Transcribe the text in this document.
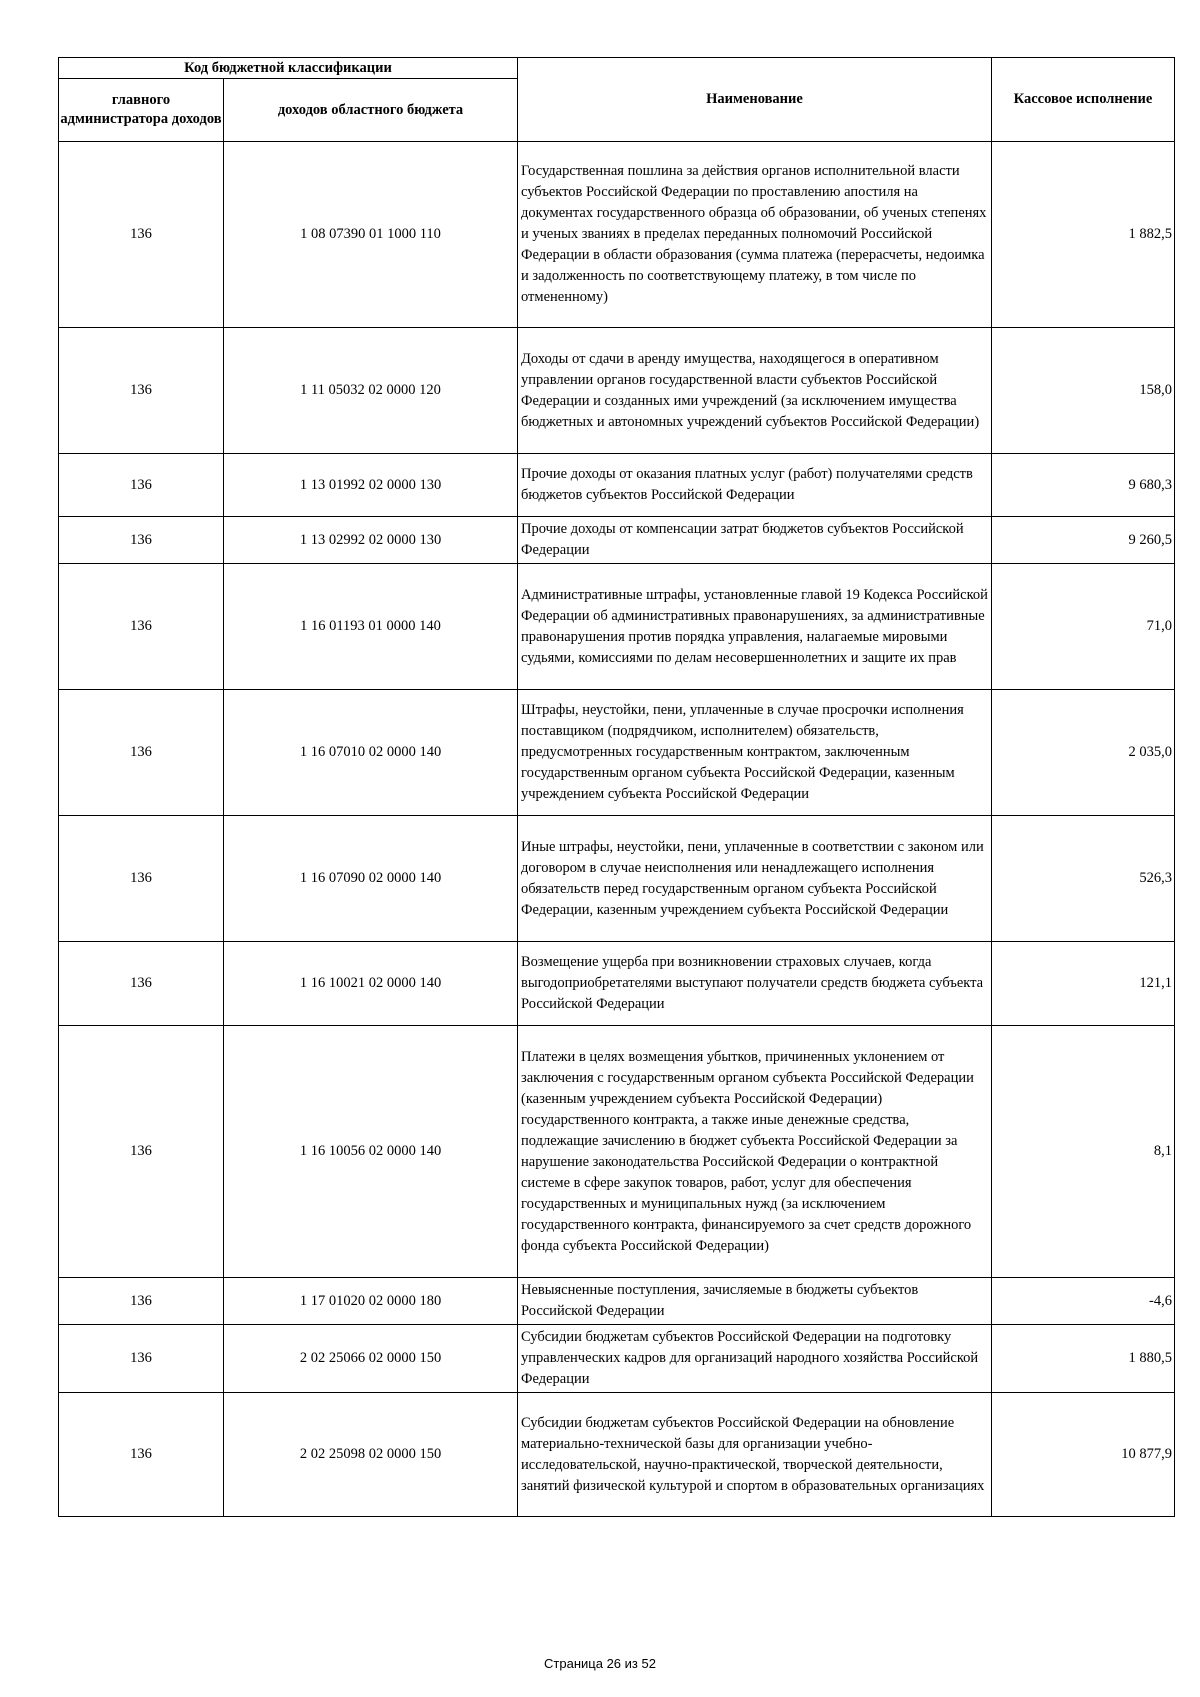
Код бюджетной классификации		Наименование	Кассовое исполнение
главного администратора доходов	доходов областного бюджета		
136	1 08 07390 01 1000 110	Государственная пошлина за действия органов исполнительной власти субъектов Российской Федерации по проставлению апостиля на документах государственного образца об образовании, об ученых степенях и ученых званиях в пределах переданных полномочий Российской Федерации в области образования (сумма платежа (перерасчеты, недоимка и задолженность по соответствующему платежу, в том числе по отмененному)	1 882,5
136	1 11 05032 02 0000 120	Доходы от сдачи в аренду имущества, находящегося в оперативном управлении органов государственной власти субъектов Российской Федерации и созданных ими учреждений (за исключением имущества бюджетных и автономных учреждений субъектов Российской Федерации)	158,0
136	1 13 01992 02 0000 130	Прочие доходы от оказания платных услуг (работ) получателями средств бюджетов субъектов Российской Федерации	9 680,3
136	1 13 02992 02 0000 130	Прочие доходы от компенсации затрат бюджетов субъектов Российской Федерации	9 260,5
136	1 16 01193 01 0000 140	Административные штрафы, установленные главой 19 Кодекса Российской Федерации об административных правонарушениях, за административные правонарушения против порядка управления, налагаемые мировыми судьями, комиссиями по делам несовершеннолетних и защите их прав	71,0
136	1 16 07010 02 0000 140	Штрафы, неустойки, пени, уплаченные в случае просрочки исполнения поставщиком (подрядчиком, исполнителем) обязательств, предусмотренных государственным контрактом, заключенным государственным органом субъекта Российской Федерации, казенным учреждением субъекта Российской Федерации	2 035,0
136	1 16 07090 02 0000 140	Иные штрафы, неустойки, пени, уплаченные в соответствии с законом или договором в случае неисполнения или ненадлежащего исполнения обязательств перед государственным органом субъекта Российской Федерации, казенным учреждением субъекта Российской Федерации	526,3
136	1 16 10021 02 0000 140	Возмещение ущерба при возникновении страховых случаев, когда выгодоприобретателями выступают получатели средств бюджета субъекта Российской Федерации	121,1
136	1 16 10056 02 0000 140	Платежи в целях возмещения убытков, причиненных уклонением от заключения с государственным органом субъекта Российской Федерации (казенным учреждением субъекта Российской Федерации) государственного контракта, а также иные денежные средства, подлежащие зачислению в бюджет субъекта Российской Федерации за нарушение законодательства Российской Федерации о контрактной системе в сфере закупок товаров, работ, услуг для обеспечения государственных и муниципальных нужд (за исключением государственного контракта, финансируемого за счет средств дорожного фонда субъекта Российской Федерации)	8,1
136	1 17 01020 02 0000 180	Невыясненные поступления, зачисляемые в бюджеты субъектов Российской Федерации	-4,6
136	2 02 25066 02 0000 150	Субсидии бюджетам субъектов Российской Федерации на подготовку управленческих кадров для организаций народного хозяйства Российской Федерации	1 880,5
136	2 02 25098 02 0000 150	Субсидии бюджетам субъектов Российской Федерации на обновление материально-технической базы для организации учебно-исследовательской, научно-практической, творческой деятельности, занятий физической культурой и спортом в образовательных организациях	10 877,9
Страница 26 из 52
